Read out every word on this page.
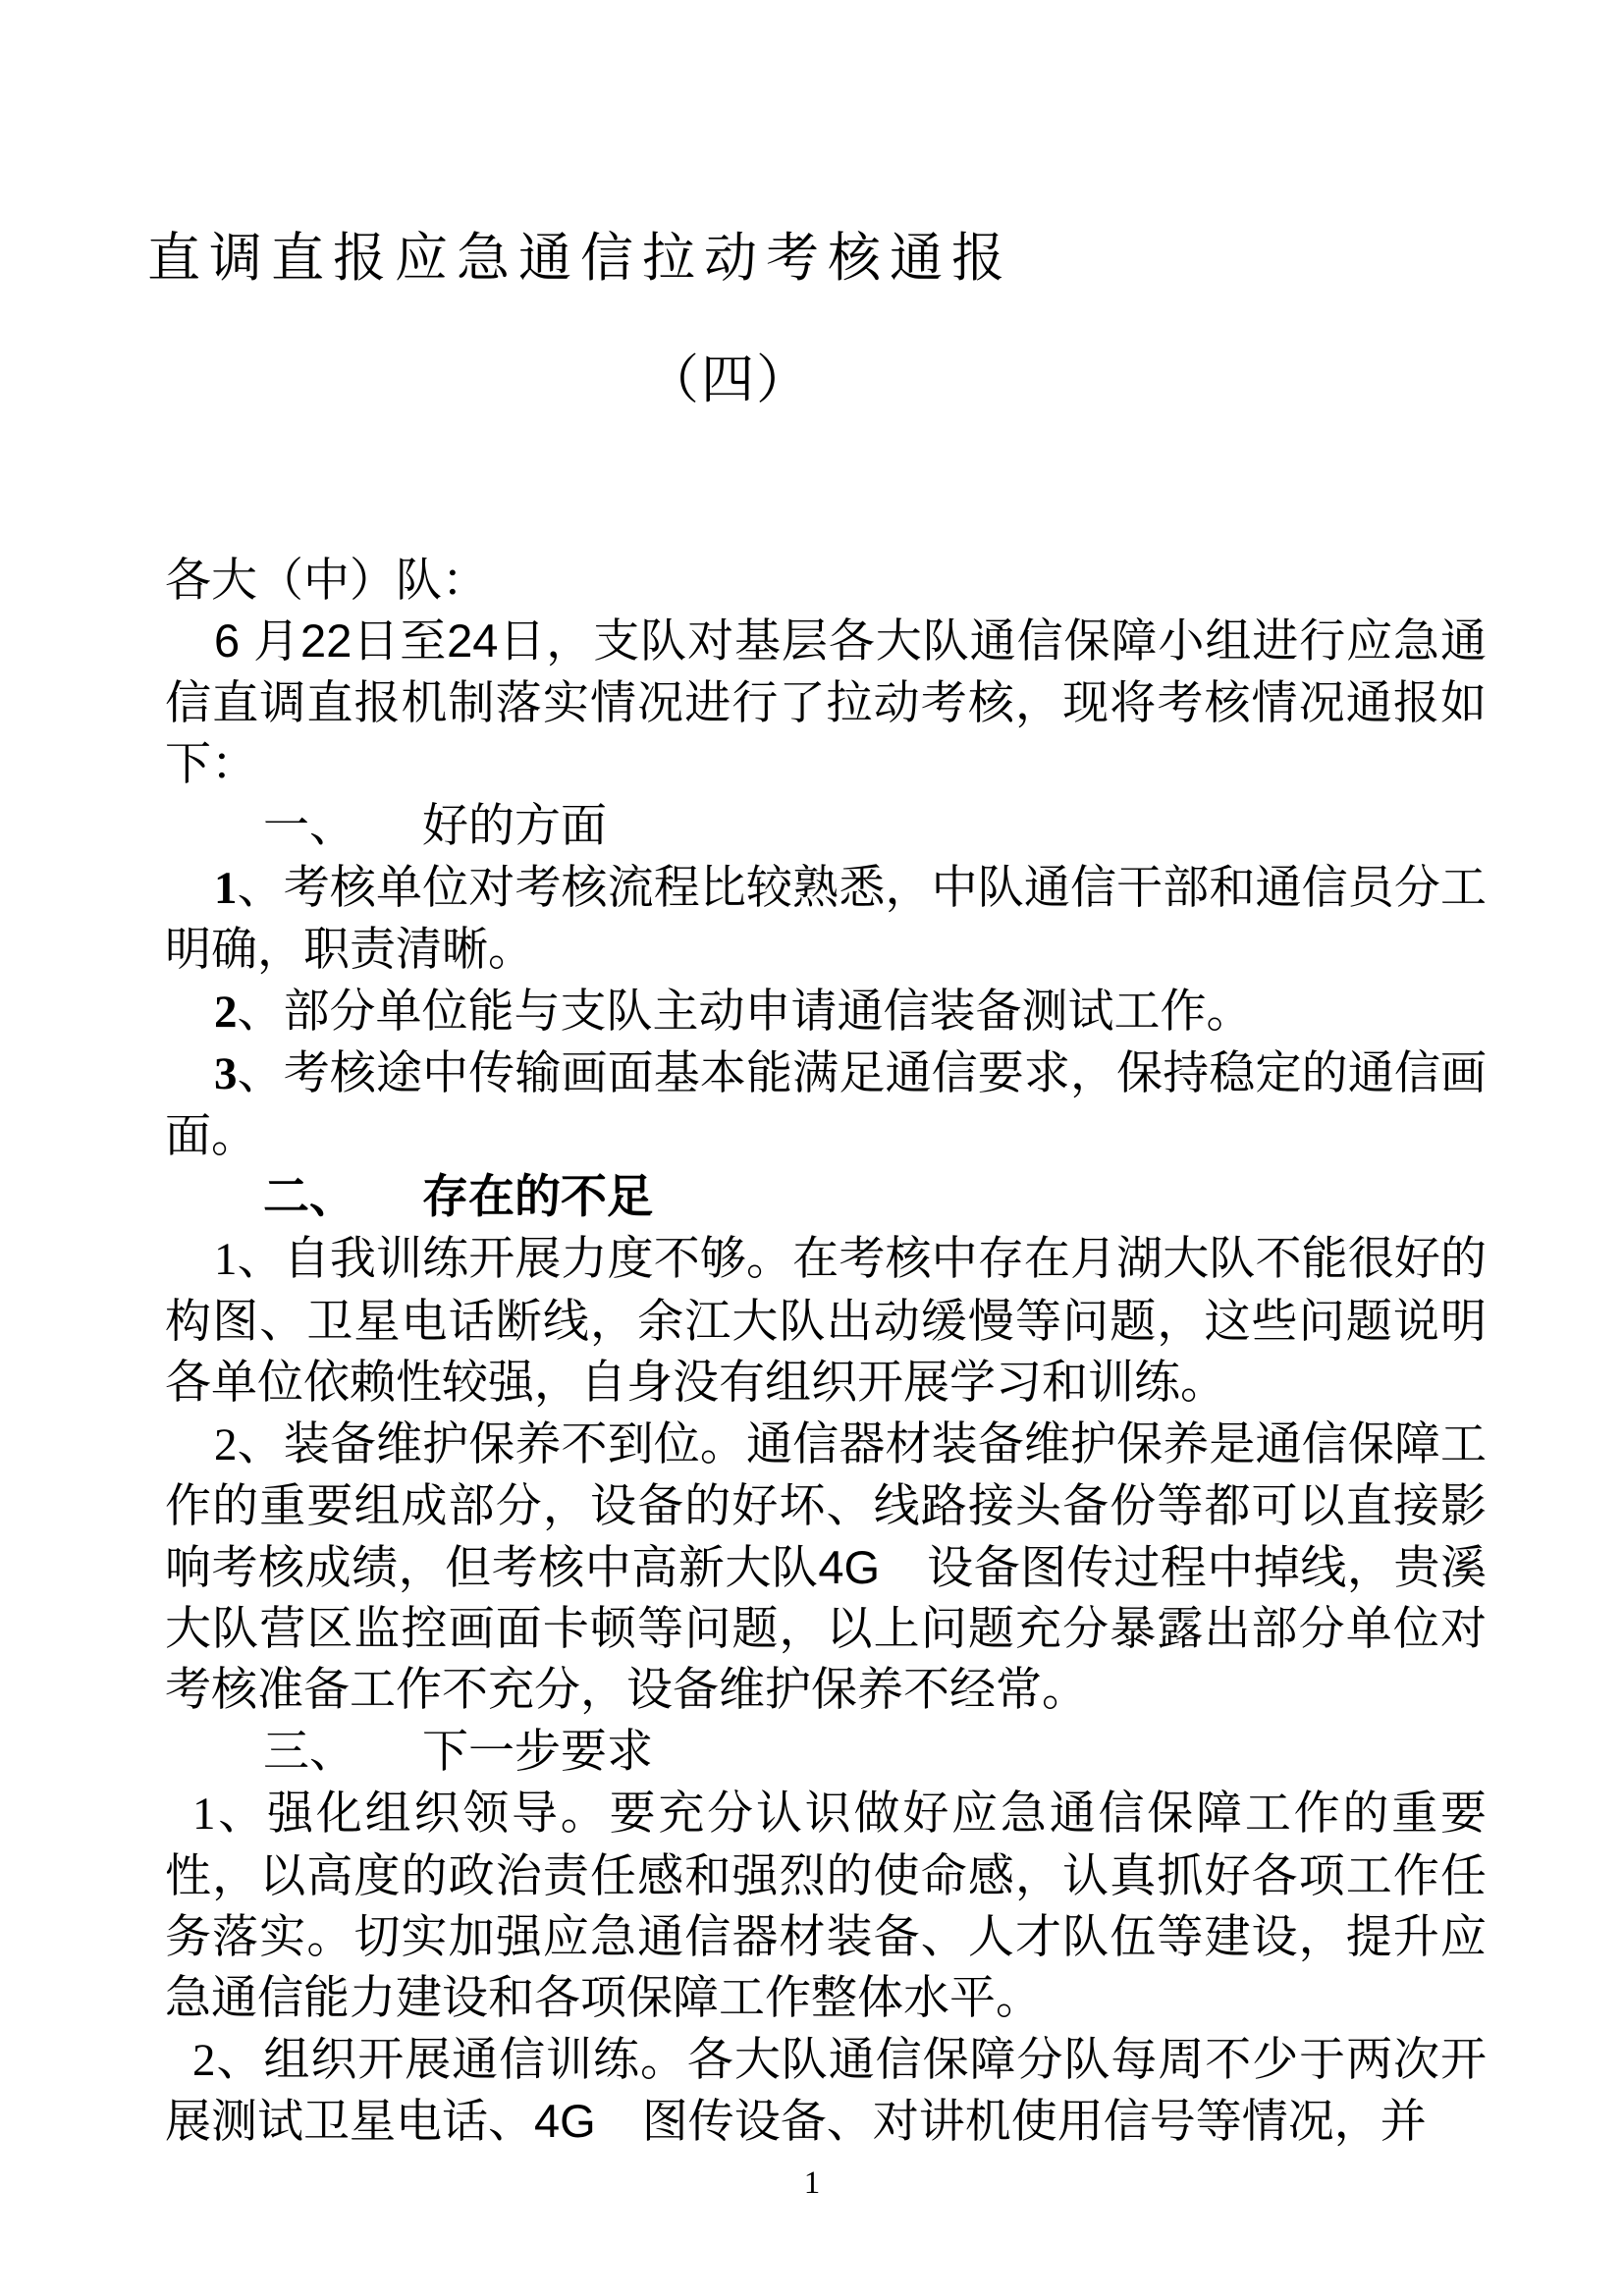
直调直报应急通信拉动考核通报
（四）

各大（中）队：

6 月22日至24日，支队对基层各大队通信保障小组进行应急通信直调直报机制落实情况进行了拉动考核，现将考核情况通报如下：

一、 好的方面

1、考核单位对考核流程比较熟悉，中队通信干部和通信员分工明确，职责清晰。

2、部分单位能与支队主动申请通信装备测试工作。

3、考核途中传输画面基本能满足通信要求，保持稳定的通信画面。

二、 存在的不足

1、自我训练开展力度不够。在考核中存在月湖大队不能很好的构图、卫星电话断线，余江大队出动缓慢等问题，这些问题说明各单位依赖性较强，自身没有组织开展学习和训练。

2、装备维护保养不到位。通信器材装备维护保养是通信保障工作的重要组成部分，设备的好坏、线路接头备份等都可以直接影响考核成绩，但考核中高新大队4G　设备图传过程中掉线，贵溪大队营区监控画面卡顿等问题，以上问题充分暴露出部分单位对考核准备工作不充分，设备维护保养不经常。

三、 下一步要求

1、强化组织领导。要充分认识做好应急通信保障工作的重要性，以高度的政治责任感和强烈的使命感，认真抓好各项工作任务落实。切实加强应急通信器材装备、人才队伍等建设，提升应急通信能力建设和各项保障工作整体水平。

2、组织开展通信训练。各大队通信保障分队每周不少于两次开展测试卫星电话、4G　图传设备、对讲机使用信号等情况，并

1
